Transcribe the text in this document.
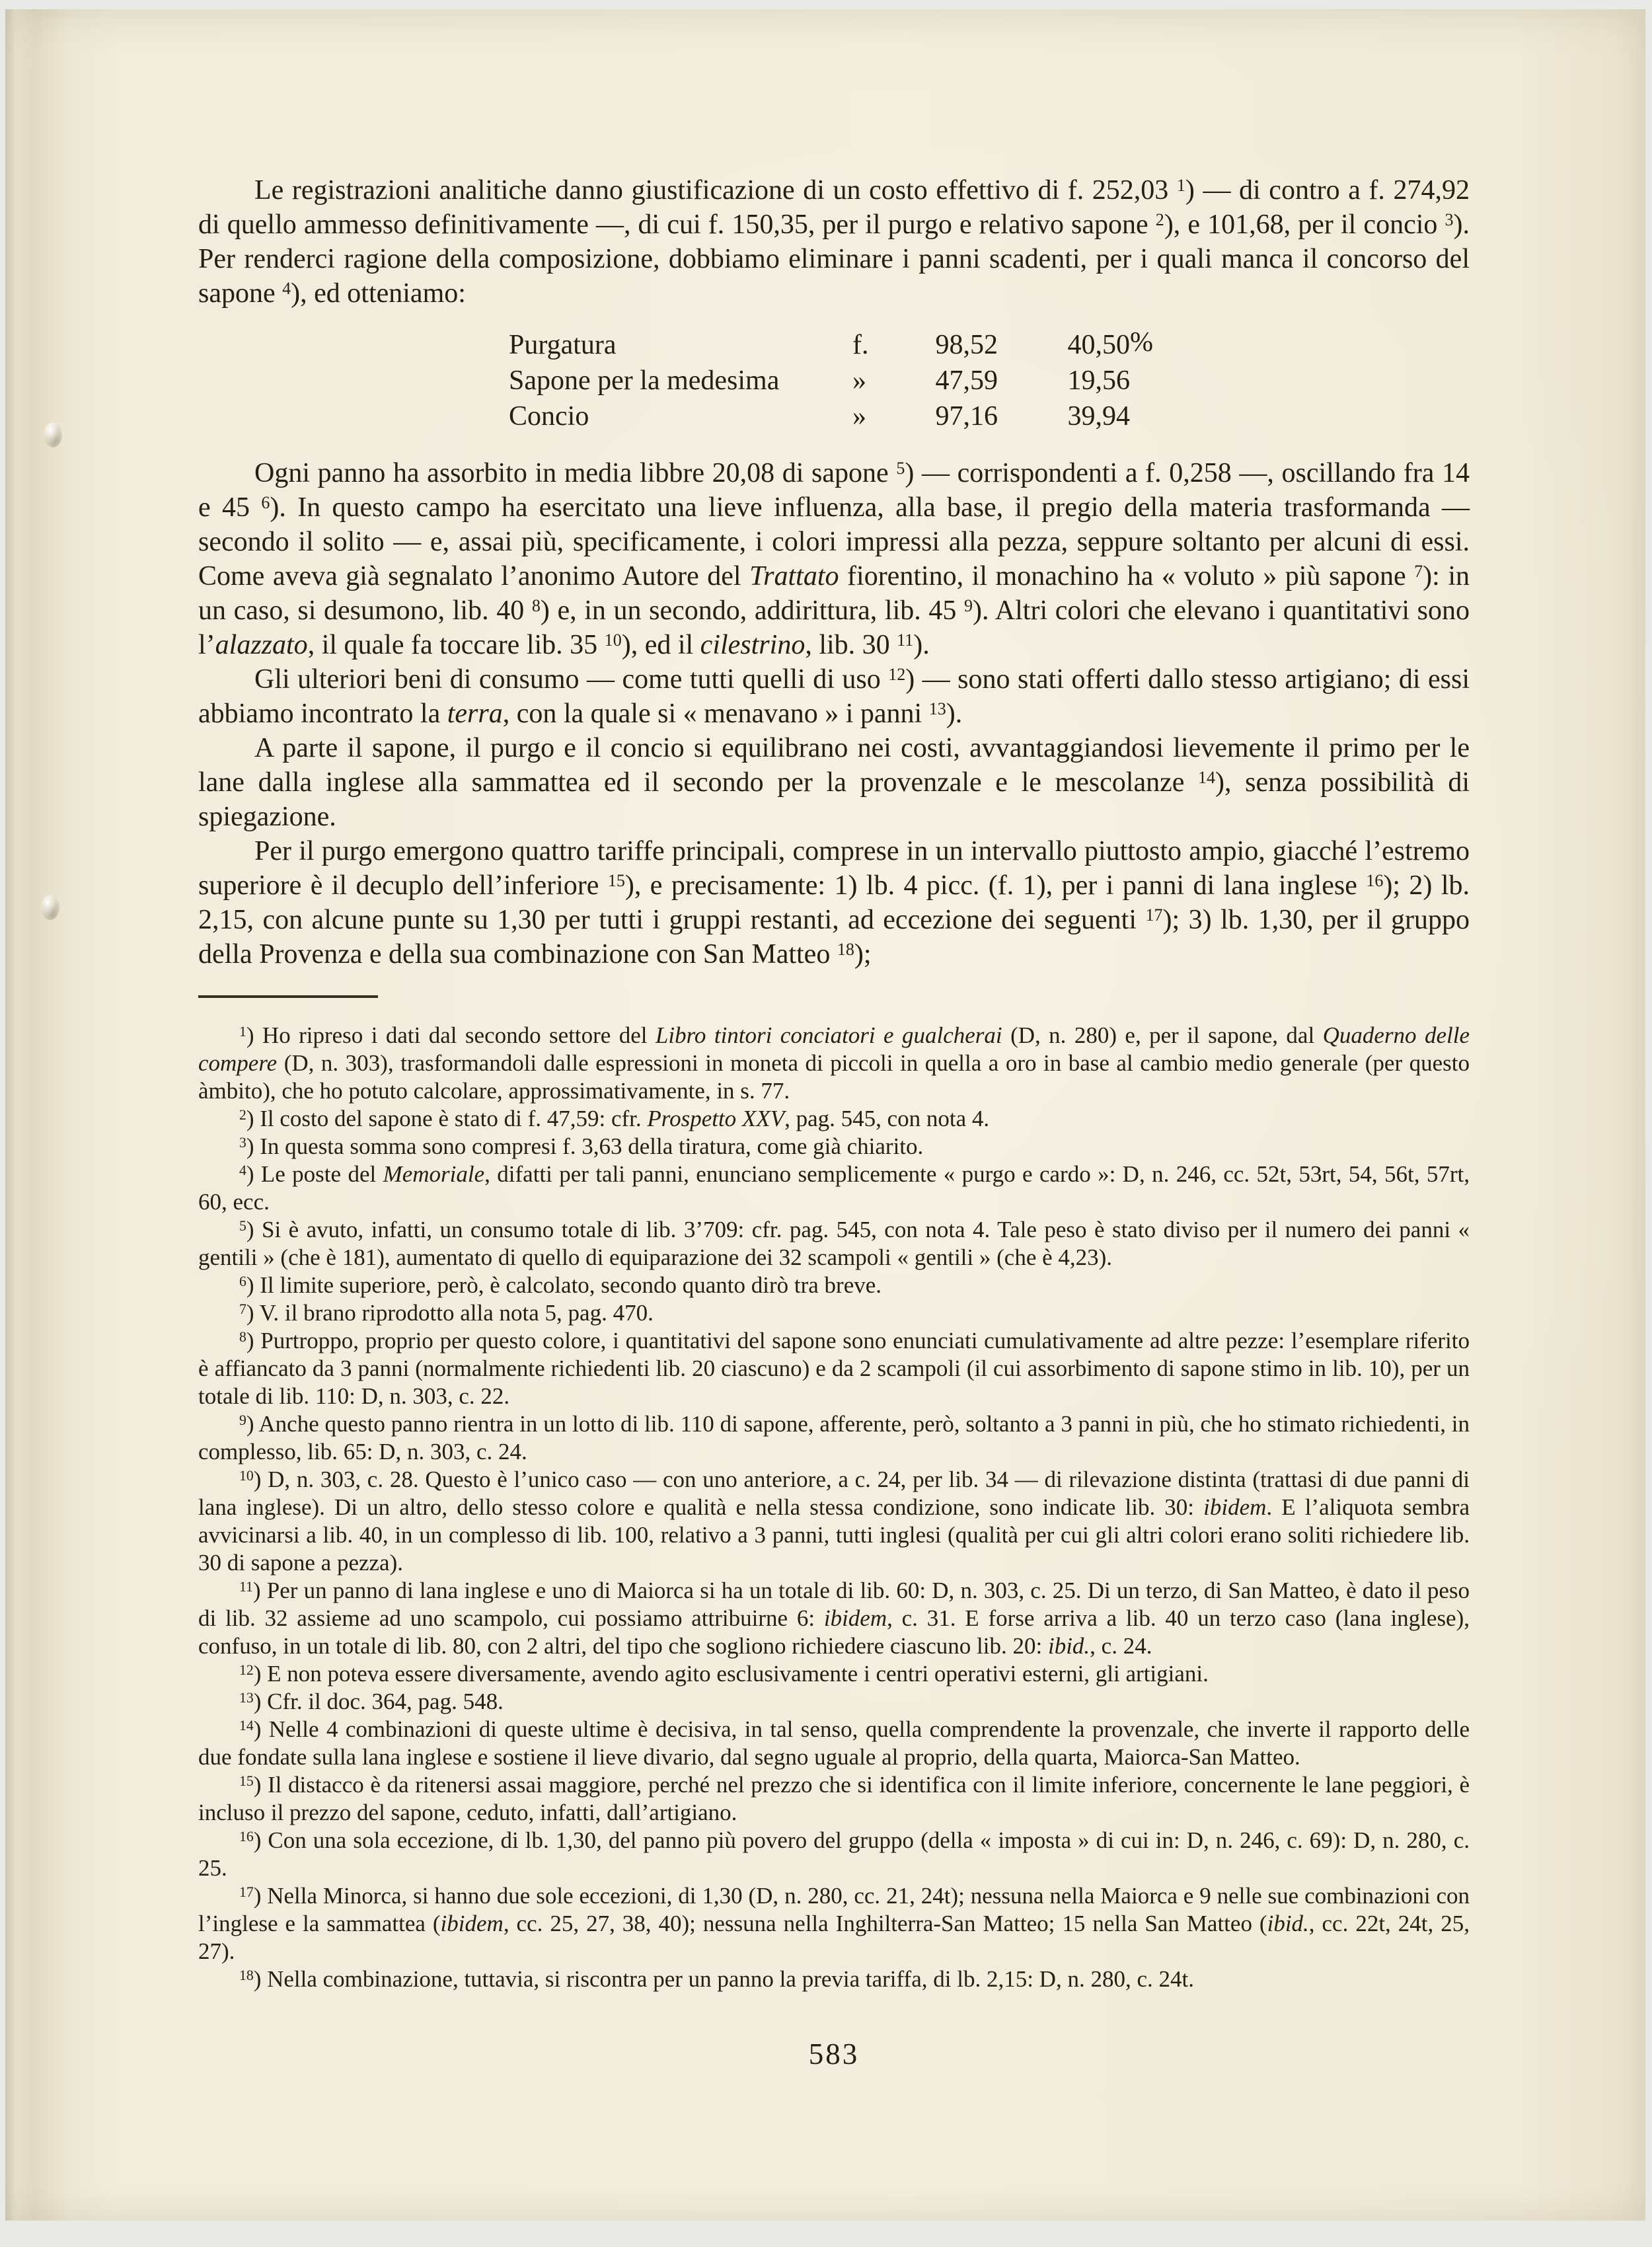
Le registrazioni analitiche danno giustificazione di un costo effettivo di f. 252,03 $^1$) — di contro a f. 274,92 di quello ammesso definitivamente —, di cui f. 150,35, per il purgo e relativo sapone $^2$), e 101,68, per il concio $^3$). Per renderci ragione della composizione, dobbiamo eliminare i panni scadenti, per i quali manca il concorso del sapone $^4$), ed otteniamo:

Purgatura	f.	98,52	40,50 %
Sapone per la medesima	»	47,59	19,56
Concio	»	97,16	39,94

Ogni panno ha assorbito in media libbre 20,08 di sapone $^5$) — corrispondenti a f. 0,258 —, oscillando fra 14 e 45 $^6$). In questo campo ha esercitato una lieve influenza, alla base, il pregio della materia trasformanda — secondo il solito — e, assai più, specificamente, i colori impressi alla pezza, seppure soltanto per alcuni di essi. Come aveva già segnalato l’anonimo Autore del Trattato fiorentino, il monachino ha « voluto » più sapone $^7$): in un caso, si desumono, lib. 40 $^8$) e, in un secondo, addirittura, lib. 45 $^9$). Altri colori che elevano i quantitativi sono l’alazzato, il quale fa toccare lib. 35 $^{10}$), ed il cilestrino, lib. 30 $^{11}$).

Gli ulteriori beni di consumo — come tutti quelli di uso $^{12}$) — sono stati offerti dallo stesso artigiano; di essi abbiamo incontrato la terra, con la quale si « menavano » i panni $^{13}$).

A parte il sapone, il purgo e il concio si equilibrano nei costi, avvantaggiandosi lievemente il primo per le lane dalla inglese alla sammattea ed il secondo per la provenzale e le mescolanze $^{14}$), senza possibilità di spiegazione.

Per il purgo emergono quattro tariffe principali, comprese in un intervallo piuttosto ampio, giacché l’estremo superiore è il decuplo dell’inferiore $^{15}$), e precisamente: 1) lb. 4 picc. (f. 1), per i panni di lana inglese $^{16}$); 2) lb. 2,15, con alcune punte su 1,30 per tutti i gruppi restanti, ad eccezione dei seguenti $^{17}$); 3) lb. 1,30, per il gruppo della Provenza e della sua combinazione con San Matteo $^{18}$);

$^1$) Ho ripreso i dati dal secondo settore del Libro tintori conciatori e gualcherai (D, n. 280) e, per il sapone, dal Quaderno delle compere (D, n. 303), trasformandoli dalle espressioni in moneta di piccoli in quella a oro in base al cambio medio generale (per questo àmbito), che ho potuto calcolare, approssimativamente, in s. 77.

$^2$) Il costo del sapone è stato di f. 47,59: cfr. Prospetto XXV, pag. 545, con nota 4.

$^3$) In questa somma sono compresi f. 3,63 della tiratura, come già chiarito.

$^4$) Le poste del Memoriale, difatti per tali panni, enunciano semplicemente « purgo e cardo »: D, n. 246, cc. 52t, 53rt, 54, 56t, 57rt, 60, ecc.

$^5$) Si è avuto, infatti, un consumo totale di lib. 3’709: cfr. pag. 545, con nota 4. Tale peso è stato diviso per il numero dei panni « gentili » (che è 181), aumentato di quello di equiparazione dei 32 scampoli « gentili » (che è 4,23).

$^6$) Il limite superiore, però, è calcolato, secondo quanto dirò tra breve.

$^7$) V. il brano riprodotto alla nota 5, pag. 470.

$^8$) Purtroppo, proprio per questo colore, i quantitativi del sapone sono enunciati cumulativamente ad altre pezze: l’esemplare riferito è affiancato da 3 panni (normalmente richiedenti lib. 20 ciascuno) e da 2 scampoli (il cui assorbimento di sapone stimo in lib. 10), per un totale di lib. 110: D, n. 303, c. 22.

$^9$) Anche questo panno rientra in un lotto di lib. 110 di sapone, afferente, però, soltanto a 3 panni in più, che ho stimato richiedenti, in complesso, lib. 65: D, n. 303, c. 24.

$^{10}$) D, n. 303, c. 28. Questo è l’unico caso — con uno anteriore, a c. 24, per lib. 34 — di rilevazione distinta (trattasi di due panni di lana inglese). Di un altro, dello stesso colore e qualità e nella stessa condizione, sono indicate lib. 30: ibidem. E l’aliquota sembra avvicinarsi a lib. 40, in un complesso di lib. 100, relativo a 3 panni, tutti inglesi (qualità per cui gli altri colori erano soliti richiedere lib. 30 di sapone a pezza).

$^{11}$) Per un panno di lana inglese e uno di Maiorca si ha un totale di lib. 60: D, n. 303, c. 25. Di un terzo, di San Matteo, è dato il peso di lib. 32 assieme ad uno scampolo, cui possiamo attribuirne 6: ibidem, c. 31. E forse arriva a lib. 40 un terzo caso (lana inglese), confuso, in un totale di lib. 80, con 2 altri, del tipo che sogliono richiedere ciascuno lib. 20: ibid., c. 24.

$^{12}$) E non poteva essere diversamente, avendo agito esclusivamente i centri operativi esterni, gli artigiani.

$^{13}$) Cfr. il doc. 364, pag. 548.

$^{14}$) Nelle 4 combinazioni di queste ultime è decisiva, in tal senso, quella comprendente la provenzale, che inverte il rapporto delle due fondate sulla lana inglese e sostiene il lieve divario, dal segno uguale al proprio, della quarta, Maiorca-San Matteo.

$^{15}$) Il distacco è da ritenersi assai maggiore, perché nel prezzo che si identifica con il limite inferiore, concernente le lane peggiori, è incluso il prezzo del sapone, ceduto, infatti, dall’artigiano.

$^{16}$) Con una sola eccezione, di lb. 1,30, del panno più povero del gruppo (della « imposta » di cui in: D, n. 246, c. 69): D, n. 280, c. 25.

$^{17}$) Nella Minorca, si hanno due sole eccezioni, di 1,30 (D, n. 280, cc. 21, 24t); nessuna nella Maiorca e 9 nelle sue combinazioni con l’inglese e la sammattea (ibidem, cc. 25, 27, 38, 40); nessuna nella Inghilterra-San Matteo; 15 nella San Matteo (ibid., cc. 22t, 24t, 25, 27).

$^{18}$) Nella combinazione, tuttavia, si riscontra per un panno la previa tariffa, di lb. 2,15: D, n. 280, c. 24t.

583
